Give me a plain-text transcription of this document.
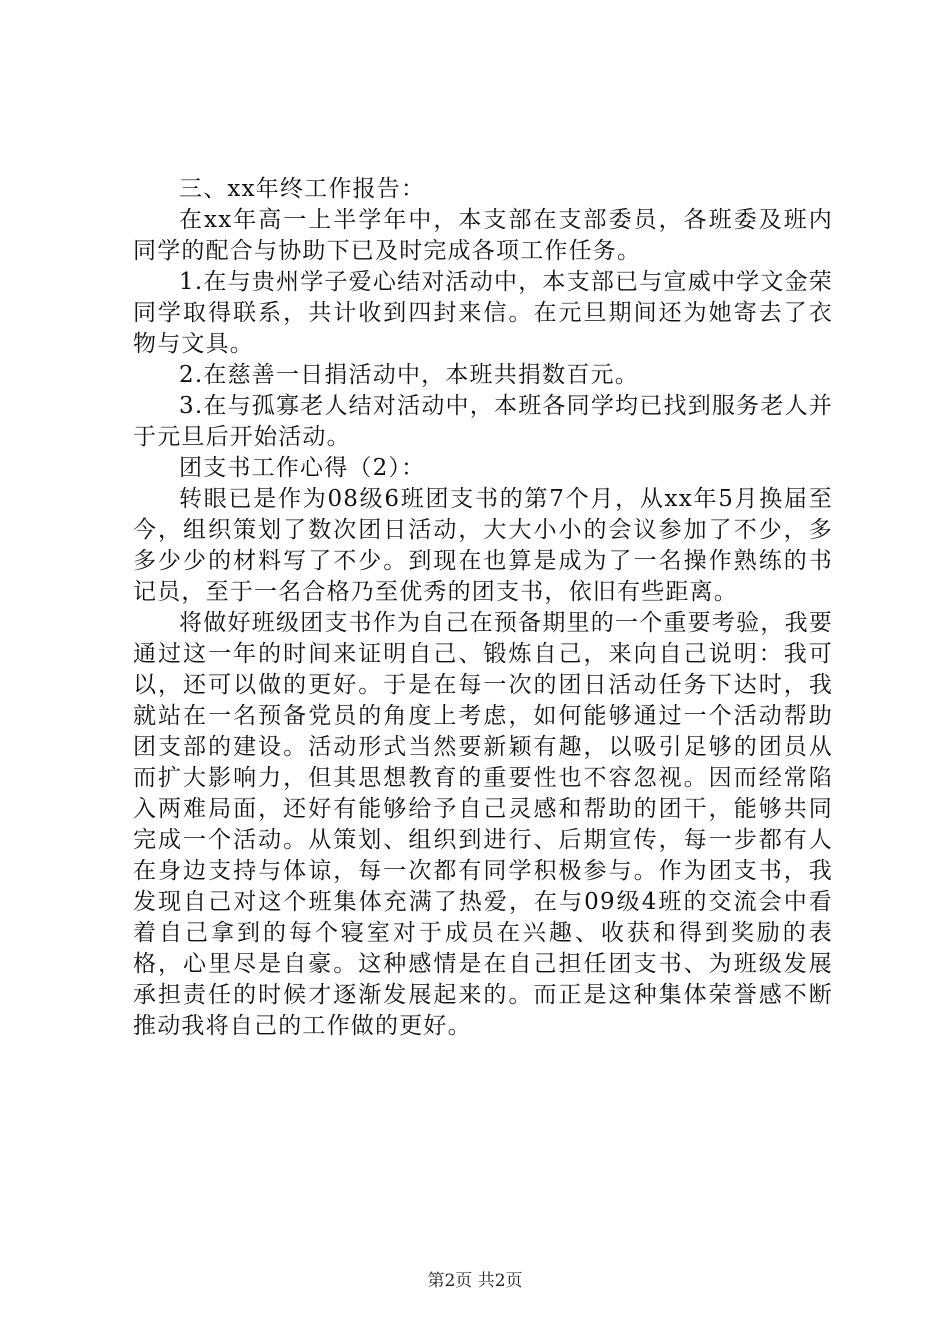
三、xx年终工作报告：

在xx年高一上半学年中，本支部在支部委员，各班委及班内同学的配合与协助下已及时完成各项工作任务。

1.在与贵州学子爱心结对活动中，本支部已与宣威中学文金荣同学取得联系，共计收到四封来信。在元旦期间还为她寄去了衣物与文具。

2.在慈善一日捐活动中，本班共捐数百元。

3.在与孤寡老人结对活动中，本班各同学均已找到服务老人并于元旦后开始活动。

团支书工作心得（2）：

转眼已是作为08级6班团支书的第7个月，从xx年5月换届至今，组织策划了数次团日活动，大大小小的会议参加了不少，多多少少的材料写了不少。到现在也算是成为了一名操作熟练的书记员，至于一名合格乃至优秀的团支书，依旧有些距离。

将做好班级团支书作为自己在预备期里的一个重要考验，我要通过这一年的时间来证明自己、锻炼自己，来向自己说明：我可以，还可以做的更好。于是在每一次的团日活动任务下达时，我就站在一名预备党员的角度上考虑，如何能够通过一个活动帮助团支部的建设。活动形式当然要新颖有趣，以吸引足够的团员从而扩大影响力，但其思想教育的重要性也不容忽视。因而经常陷入两难局面，还好有能够给予自己灵感和帮助的团干，能够共同完成一个活动。从策划、组织到进行、后期宣传，每一步都有人在身边支持与体谅，每一次都有同学积极参与。作为团支书，我发现自己对这个班集体充满了热爱，在与09级4班的交流会中看着自己拿到的每个寝室对于成员在兴趣、收获和得到奖励的表格，心里尽是自豪。这种感情是在自己担任团支书、为班级发展承担责任的时候才逐渐发展起来的。而正是这种集体荣誉感不断推动我将自己的工作做的更好。

第2页 共2页
